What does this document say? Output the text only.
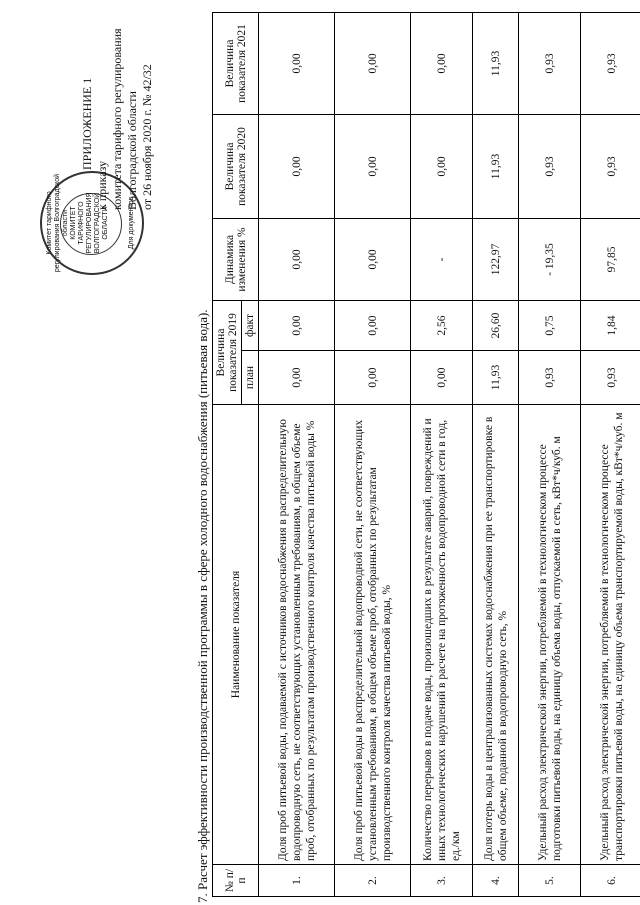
Комитет тарифного регулирования Волгоградской области КОМИТЕТ ТАРИФНОГО РЕГУЛИРОВАНИЯ ВОЛГОГРАДСКОЙ ОБЛАСТИ	Для документов
ПРИЛОЖЕНИЕ 1
к приказу комитета тарифного регулирования Волгоградской области от 26 ноября 2020 г. № 42/32
7. Расчет эффективности производственной программы в сфере холодного водоснабжения (питьевая вода). № п/п	Наименование показателя	Величина показателя 2019		Динамика изменения %	Величина показателя 2020	Величина показателя 2021
		план	факт			
1.	Доля проб питьевой воды, подаваемой с источников водоснабжения в распределительную водопроводную сеть, не соответствующих установленным требованиям, в общем объеме проб, отобранных по результатам производственного контроля качества питьевой воды %	0,00	0,00	0,00	0,00	0,00
2.	Доля проб питьевой воды в распределительной водопроводной сети, не соответствующих установленным требованиям, в общем объеме проб, отобранных по результатам производственного контроля качества питьевой воды, %	0,00	0,00	0,00	0,00	0,00
3.	Количество перерывов в подаче воды, произошедших в результате аварий, повреждений и иных технологических нарушений в расчете на протяженность водопроводной сети в год, ед./км	0,00	2,56	-	0,00	0,00
4.	Доля потерь воды в централизованных системах водоснабжения при ее транспортировке в общем объеме, поданной в водопроводную сеть, %	11,93	26,60	122,97	11,93	11,93
5.	Удельный расход электрической энергии, потребляемой в технологическом процессе подготовки питьевой воды, на единицу объема воды, отпускаемой в сеть, кВт*ч/куб. м	0,93	0,75	- 19,35	0,93	0,93
6.	Удельный расход электрической энергии, потребляемой в технологическом процессе транспортировки питьевой воды, на единицу объема транспортируемой воды, кВт*ч/куб. м	0,93	1,84	97,85	0,93	0,93
